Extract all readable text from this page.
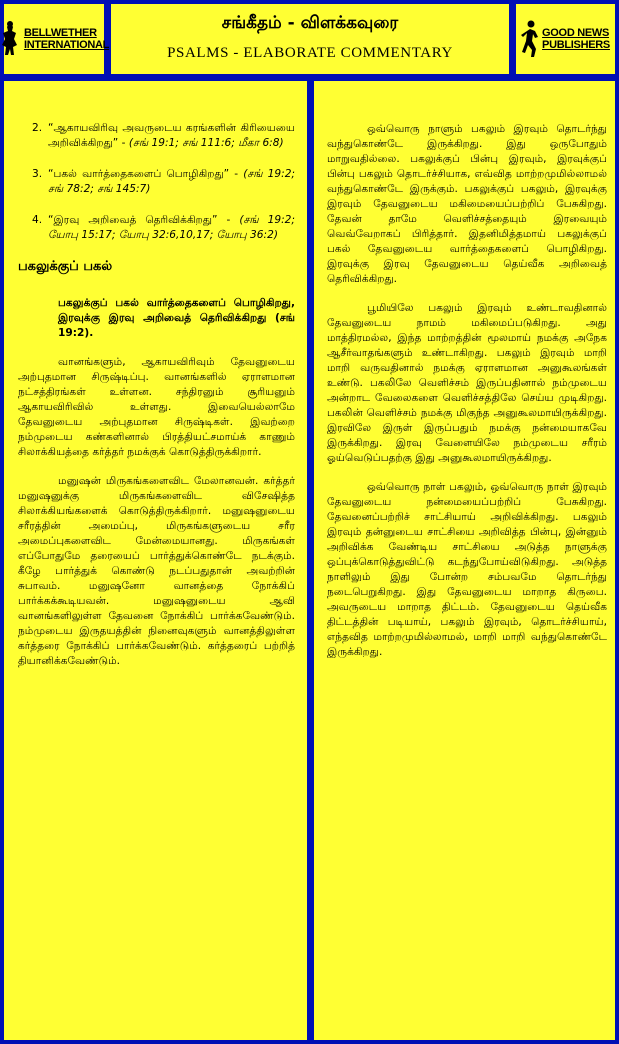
BELLWETHER
INTERNATIONAL
சங்கீதம் - விளக்கவுரை
PSALMS - ELABORATE COMMENTARY
GOOD NEWS
PUBLISHERS
2. “ஆகாயவிரிவு அவருடைய கரங்களின் கிரியையை அறிவிக்கிறது” - (சங் 19:1; சங் 111:6; மீகா 6:8)
3. “பகல் வார்த்தைகளைப் பொழிகிறது” - (சங் 19:2; சங் 78:2; சங் 145:7)
4. “இரவு அறிவைத் தெரிவிக்கிறது” - (சங் 19:2; யோபு 15:17; யோபு 32:6,10,17; யோபு 36:2)
பகலுக்குப் பகல்

பகலுக்குப் பகல் வார்த்தைகளைப் பொழிகிறது, இரவுக்கு இரவு அறிவைத் தெரிவிக்கிறது (சங் 19:2).

வானங்களும், ஆகாயவிரிவும் தேவனுடைய அற்புதமான சிருஷ்டிப்பு. வானங்களில் ஏராளமான நட்சத்திரங்கள் உள்ளன. சந்திரனும் சூரியனும் ஆகாயவிரிவில் உள்ளது. இவையெல்லாமே தேவனுடைய அற்புதமான சிருஷ்டிகள். இவற்றை நம்முடைய கண்களினால் பிரத்தியட்சமாய்க் காணும் சிலாக்கியத்தை கர்த்தர் நமக்குக் கொடுத்திருக்கிறார்.

மனுஷன் மிருகங்களைவிட மேலானவன். கர்த்தர் மனுஷனுக்கு மிருகங்களைவிட விசேஷித்த சிலாக்கியங்களைக் கொடுத்திருக்கிறார். மனுஷனுடைய சரீரத்தின் அமைப்பு, மிருகங்களுடைய சரீர அமைப்புகளைவிட மேன்மையானது. மிருகங்கள் எப்போதுமே தரையைப் பார்த்துக்கொண்டே நடக்கும். கீழே பார்த்துக் கொண்டு நடப்பதுதான் அவற்றின் சுபாவம். மனுஷனோ வானத்தை நோக்கிப் பார்க்கக்கூடியவன். மனுஷனுடைய ஆவி வானங்களிலுள்ள தேவனை நோக்கிப் பார்க்கவேண்டும். நம்முடைய இருதயத்தின் நினைவுகளும் வானத்திலுள்ள கர்த்தரை நோக்கிப் பார்க்கவேண்டும். கர்த்தரைப் பற்றித் தியானிக்கவேண்டும்.

ஒவ்வொரு நாளும் பகலும் இரவும் தொடர்ந்து வந்துகொண்டே இருக்கிறது. இது ஒருபோதும் மாறுவதில்லை. பகலுக்குப் பின்பு இரவும், இரவுக்குப் பின்பு பகலும் தொடர்ச்சியாக, எவ்வித மாற்றமுமில்லாமல் வந்துகொண்டே இருக்கும். பகலுக்குப் பகலும், இரவுக்கு இரவும் தேவனுடைய மகிமையைப்பற்றிப் பேசுகிறது. தேவன் தாமே வெளிச்சத்தையும் இரவையும் வெவ்வேறாகப் பிரித்தார். இதனிமித்தமாய் பகலுக்குப் பகல் தேவனுடைய வார்த்தைகளைப் பொழிகிறது. இரவுக்கு இரவு தேவனுடைய தெய்வீக அறிவைத் தெரிவிக்கிறது.

பூமியிலே பகலும் இரவும் உண்டாவதினால் தேவனுடைய நாமம் மகிமைப்படுகிறது. அது மாத்திரமல்ல, இந்த மாற்றத்தின் மூலமாய் நமக்கு அநேக ஆசீர்வாதங்களும் உண்டாகிறது. பகலும் இரவும் மாறி மாறி வருவதினால் நமக்கு ஏராளமான அனுகூலங்கள் உண்டு. பகலிலே வெளிச்சம் இருப்பதினால் நம்முடைய அன்றாட வேலைகளை வெளிச்சத்திலே செய்ய முடிகிறது. பகலின் வெளிச்சம் நமக்கு மிகுந்த அனுகூலமாயிருக்கிறது. இரவிலே இருள் இருப்பதும் நமக்கு நன்மையாகவே இருக்கிறது. இரவு வேளையிலே நம்முடைய சரீரம் ஓய்வெடுப்பதற்கு இது அனுகூலமாயிருக்கிறது.

ஒவ்வொரு நாள் பகலும், ஒவ்வொரு நாள் இரவும் தேவனுடைய நன்மையைப்பற்றிப் பேசுகிறது. தேவனைப்பற்றிச் சாட்சியாய் அறிவிக்கிறது. பகலும் இரவும் தன்னுடைய சாட்சியை அறிவித்த பின்பு, இன்னும் அறிவிக்க வேண்டிய சாட்சியை அடுத்த நாளுக்கு ஒப்புக்கொடுத்துவிட்டு கடந்துபோய்விடுகிறது. அடுத்த நாளிலும் இது போன்ற சம்பவமே தொடர்ந்து நடைபெறுகிறது. இது தேவனுடைய மாறாத கிருபை. அவருடைய மாறாத திட்டம். தேவனுடைய தெய்வீக திட்டத்தின் படியாய், பகலும் இரவும், தொடர்ச்சியாய், எந்தவித மாற்றமுமில்லாமல், மாறி மாறி வந்துகொண்டே இருக்கிறது.
